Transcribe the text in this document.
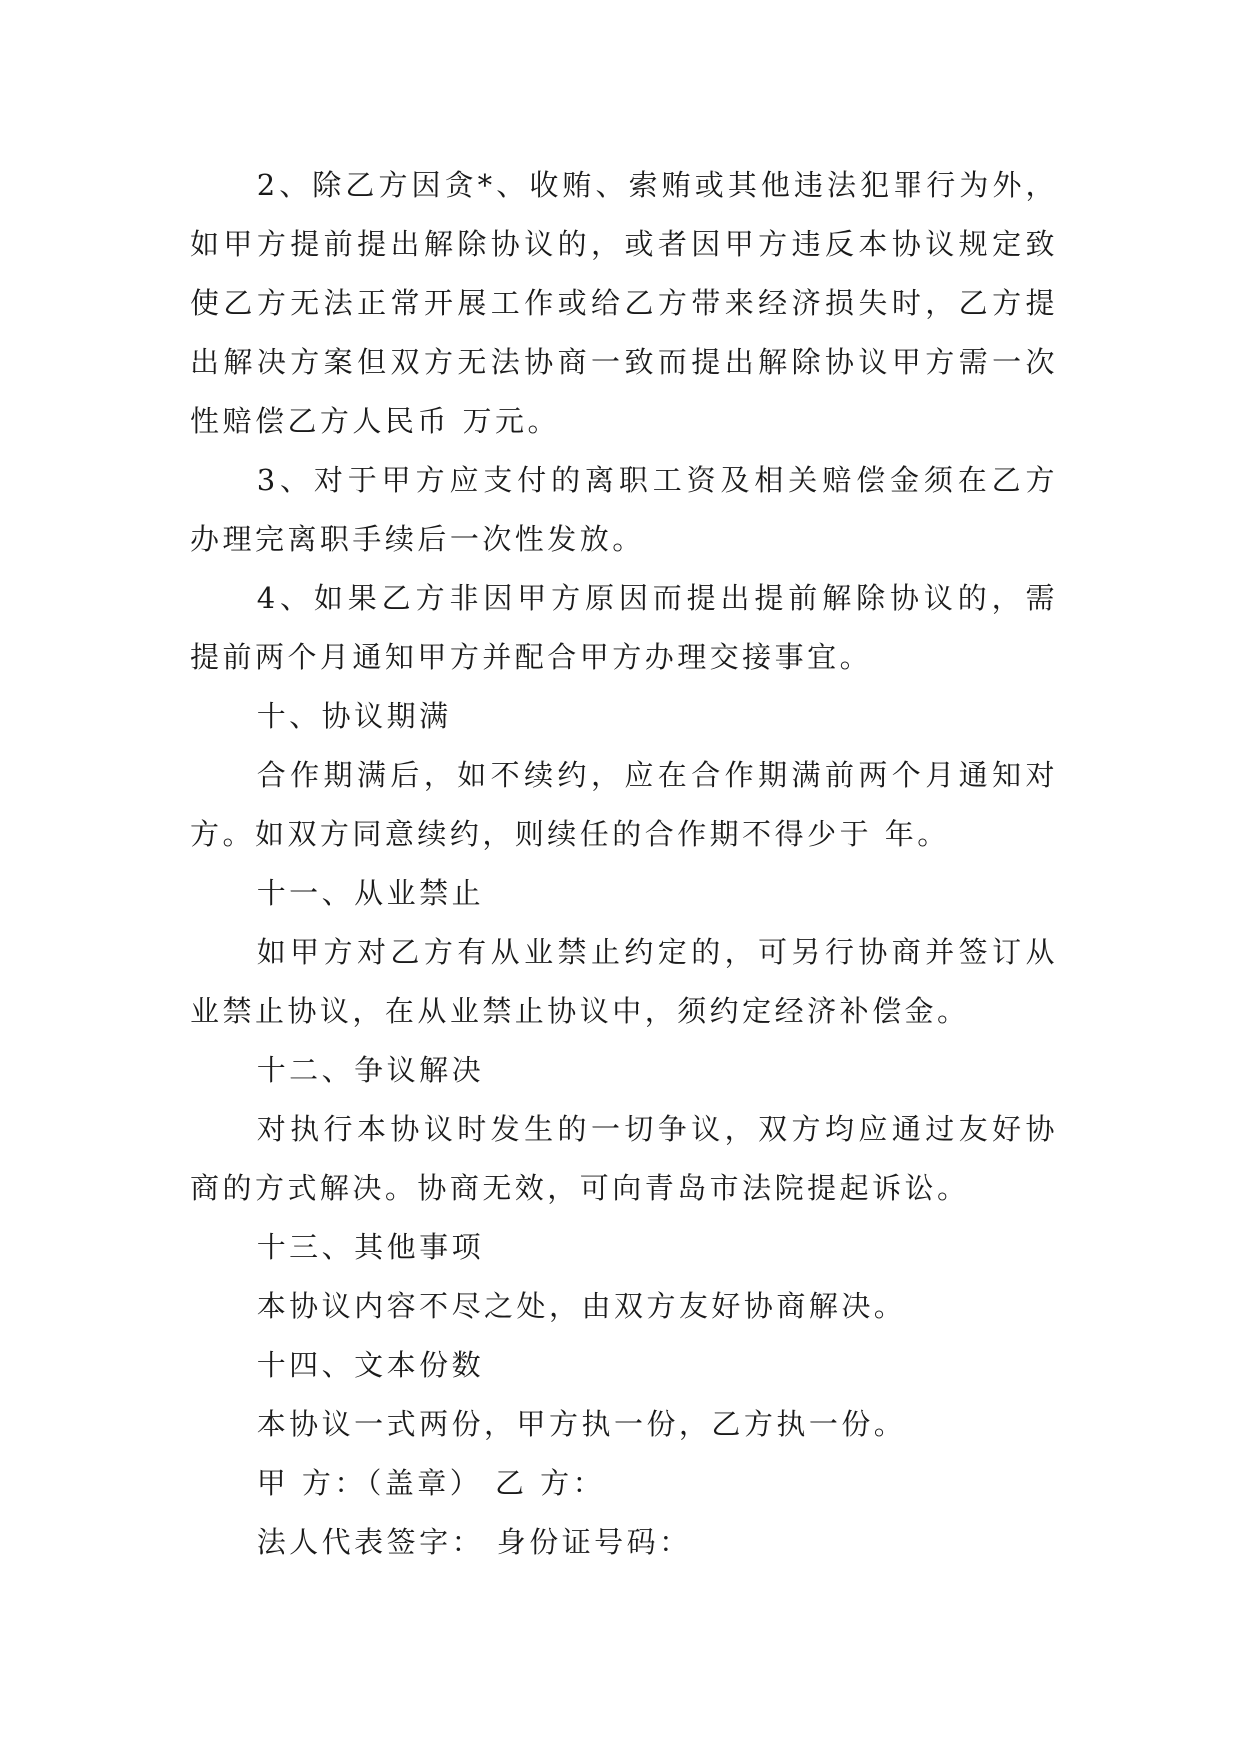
2、除乙方因贪*、收贿、索贿或其他违法犯罪行为外，如甲方提前提出解除协议的，或者因甲方违反本协议规定致使乙方无法正常开展工作或给乙方带来经济损失时，乙方提出解决方案但双方无法协商一致而提出解除协议甲方需一次性赔偿乙方人民币 万元。

3、对于甲方应支付的离职工资及相关赔偿金须在乙方办理完离职手续后一次性发放。

4、如果乙方非因甲方原因而提出提前解除协议的，需提前两个月通知甲方并配合甲方办理交接事宜。

十、协议期满

合作期满后，如不续约，应在合作期满前两个月通知对方。如双方同意续约，则续任的合作期不得少于 年。

十一、从业禁止

如甲方对乙方有从业禁止约定的，可另行协商并签订从业禁止协议，在从业禁止协议中，须约定经济补偿金。

十二、争议解决

对执行本协议时发生的一切争议，双方均应通过友好协商的方式解决。协商无效，可向青岛市法院提起诉讼。

十三、其他事项

本协议内容不尽之处，由双方友好协商解决。

十四、文本份数

本协议一式两份，甲方执一份，乙方执一份。

甲 方：（盖章） 乙 方：

法人代表签字： 身份证号码：
